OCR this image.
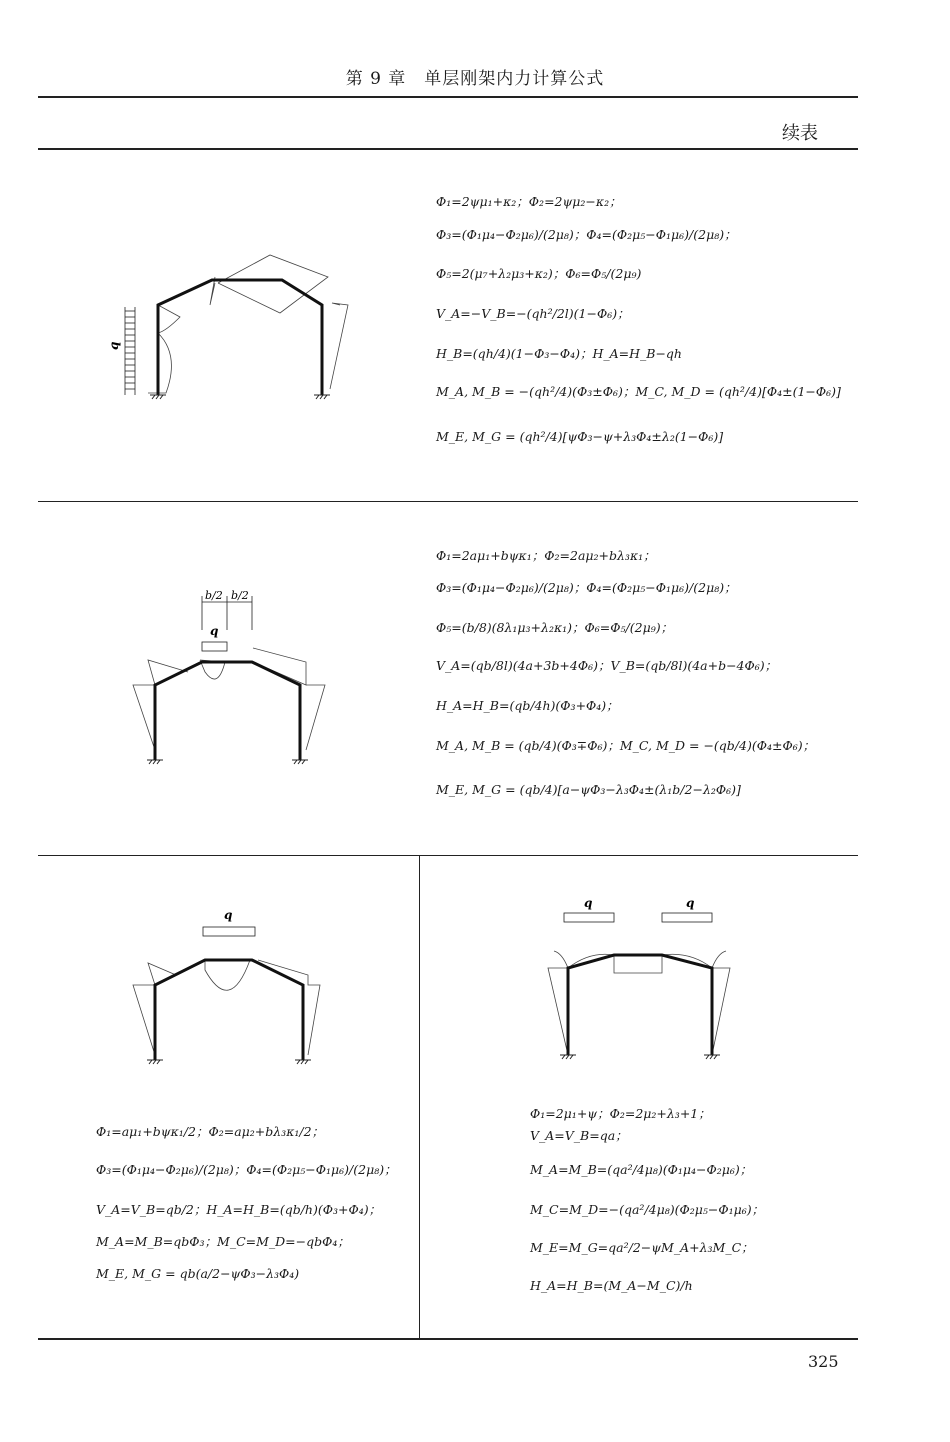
第 9 章　单层刚架内力计算公式
续表
q
Φ₁=2ψμ₁+κ₂；Φ₂=2ψμ₂−κ₂；
Φ₃=(Φ₁μ₄−Φ₂μ₆)/(2μ₈)；Φ₄=(Φ₂μ₅−Φ₁μ₆)/(2μ₈)；
Φ₅=2(μ₇+λ₂μ₃+κ₂)；Φ₆=Φ₅/(2μ₉)
V_A=−V_B=−(qh²/2l)(1−Φ₆)；
H_B=(qh/4)(1−Φ₃−Φ₄)；H_A=H_B−qh
M_A, M_B = −(qh²/4)(Φ₃±Φ₆)；M_C, M_D = (qh²/4)[Φ₄±(1−Φ₆)]
M_E, M_G = (qh²/4)[ψΦ₃−ψ+λ₃Φ₄±λ₂(1−Φ₆)]
b/2 b/2
q
Φ₁=2aμ₁+bψκ₁；Φ₂=2aμ₂+bλ₃κ₁；
Φ₃=(Φ₁μ₄−Φ₂μ₆)/(2μ₈)；Φ₄=(Φ₂μ₅−Φ₁μ₆)/(2μ₈)；
Φ₅=(b/8)(8λ₁μ₃+λ₂κ₁)；Φ₆=Φ₅/(2μ₉)；
V_A=(qb/8l)(4a+3b+4Φ₆)；V_B=(qb/8l)(4a+b−4Φ₆)；
H_A=H_B=(qb/4h)(Φ₃+Φ₄)；
M_A, M_B = (qb/4)(Φ₃∓Φ₆)；M_C, M_D = −(qb/4)(Φ₄±Φ₆)；
M_E, M_G = (qb/4)[a−ψΦ₃−λ₃Φ₄±(λ₁b/2−λ₂Φ₆)]
q
Φ₁=aμ₁+bψκ₁/2；Φ₂=aμ₂+bλ₃κ₁/2；
Φ₃=(Φ₁μ₄−Φ₂μ₆)/(2μ₈)；Φ₄=(Φ₂μ₅−Φ₁μ₆)/(2μ₈)；
V_A=V_B=qb/2；H_A=H_B=(qb/h)(Φ₃+Φ₄)；
M_A=M_B=qbΦ₃；M_C=M_D=−qbΦ₄；
M_E, M_G = qb(a/2−ψΦ₃−λ₃Φ₄)
q	q
Φ₁=2μ₁+ψ；Φ₂=2μ₂+λ₃+1；
V_A=V_B=qa；
M_A=M_B=(qa²/4μ₈)(Φ₁μ₄−Φ₂μ₆)；
M_C=M_D=−(qa²/4μ₈)(Φ₂μ₅−Φ₁μ₆)；
M_E=M_G=qa²/2−ψM_A+λ₃M_C；
H_A=H_B=(M_A−M_C)/h
325
